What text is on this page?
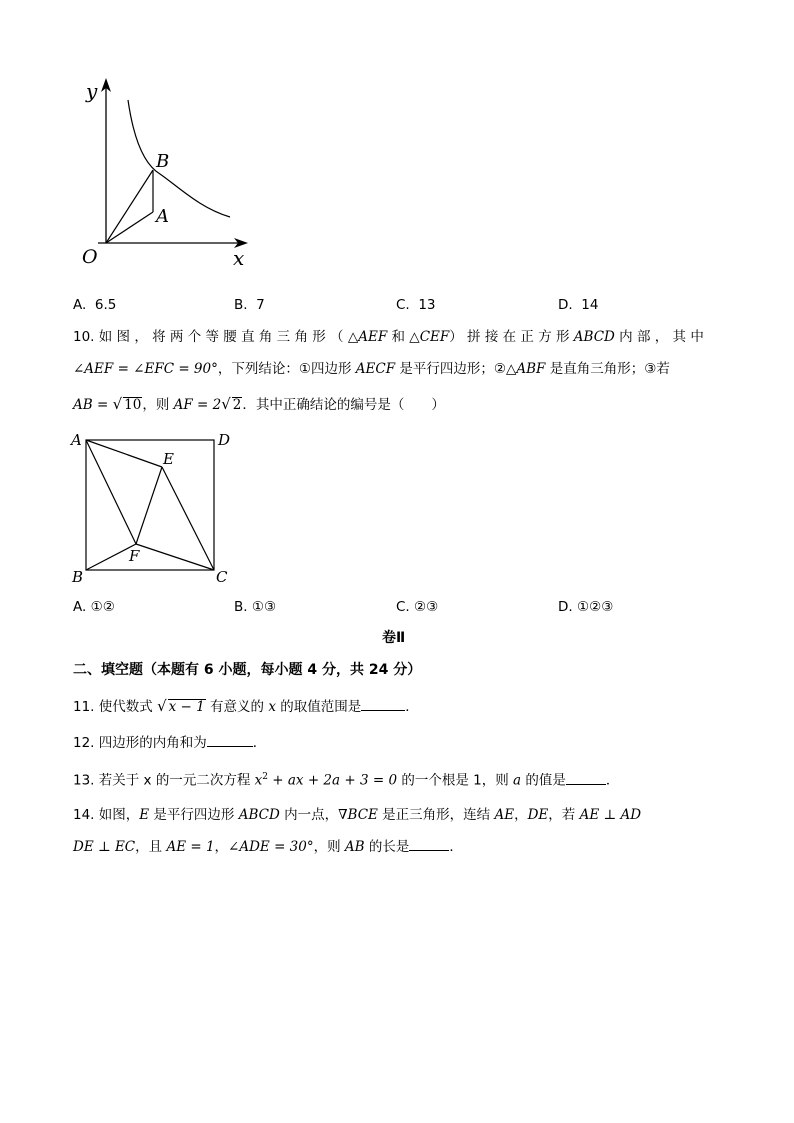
y
x
O
B
A
A. 6.5	B. 7	C. 13	D. 14
10. 如 图 ， 将 两 个 等 腰 直 角 三 角 形 （ △AEF 和 △CEF） 拼 接 在 正 方 形 ABCD 内 部 ， 其 中
∠AEF = ∠EFC = 90°，下列结论：①四边形 AECF 是平行四边形；②△ABF 是直角三角形；③若
AB = √ 10，则 AF = 2√ 2．其中正确结论的编号是（　　）
A	D
E
F
B	C
A. ①②	B. ①③	C. ②③	D. ①②③
卷Ⅱ
二、填空题（本题有 6 小题，每小题 4 分，共 24 分）
11. 使代数式 √ x − 1 有意义的 x 的取值范围是	．
12. 四边形的内角和为	．
13. 若关于 x 的一元二次方程 $x^2$ + ax + 2a + 3 = 0 的一个根是 1，则 a 的值是	．
14. 如图，E 是平行四边形 ABCD 内一点，∇BCE 是正三角形，连结 AE，DE，若 AE ⊥ AD
DE ⊥ EC，且 AE = 1，∠ADE = 30°，则 AB 的长是	．
